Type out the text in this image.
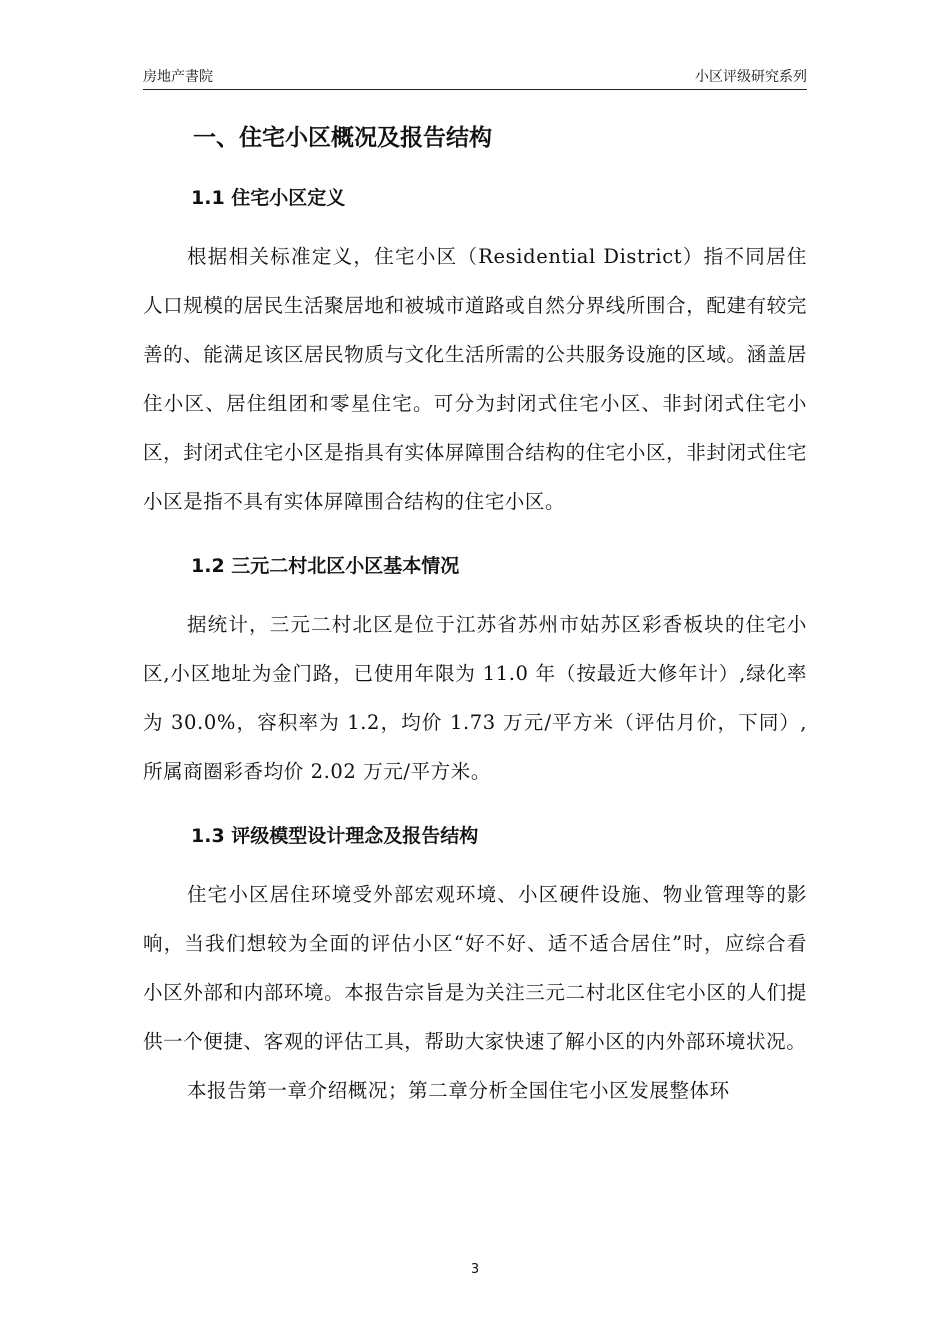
房地产書院	小区评级研究系列
一、住宅小区概况及报告结构
1.1 住宅小区定义

根据相关标准定义，住宅小区（Residential District）指不同居住人口规模的居民生活聚居地和被城市道路或自然分界线所围合，配建有较完善的、能满足该区居民物质与文化生活所需的公共服务设施的区域。涵盖居住小区、居住组团和零星住宅。可分为封闭式住宅小区、非封闭式住宅小区，封闭式住宅小区是指具有实体屏障围合结构的住宅小区，非封闭式住宅小区是指不具有实体屏障围合结构的住宅小区。

1.2 三元二村北区小区基本情况

据统计，三元二村北区是位于江苏省苏州市姑苏区彩香板块的住宅小区,小区地址为金门路，已使用年限为 11.0 年（按最近大修年计）,绿化率为 30.0%，容积率为 1.2，均价 1.73 万元/平方米（评估月价，下同）,所属商圈彩香均价 2.02 万元/平方米。

1.3 评级模型设计理念及报告结构

住宅小区居住环境受外部宏观环境、小区硬件设施、物业管理等的影响，当我们想较为全面的评估小区“好不好、适不适合居住”时，应综合看小区外部和内部环境。本报告宗旨是为关注三元二村北区住宅小区的人们提供一个便捷、客观的评估工具，帮助大家快速了解小区的内外部环境状况。

本报告第一章介绍概况；第二章分析全国住宅小区发展整体环

3
